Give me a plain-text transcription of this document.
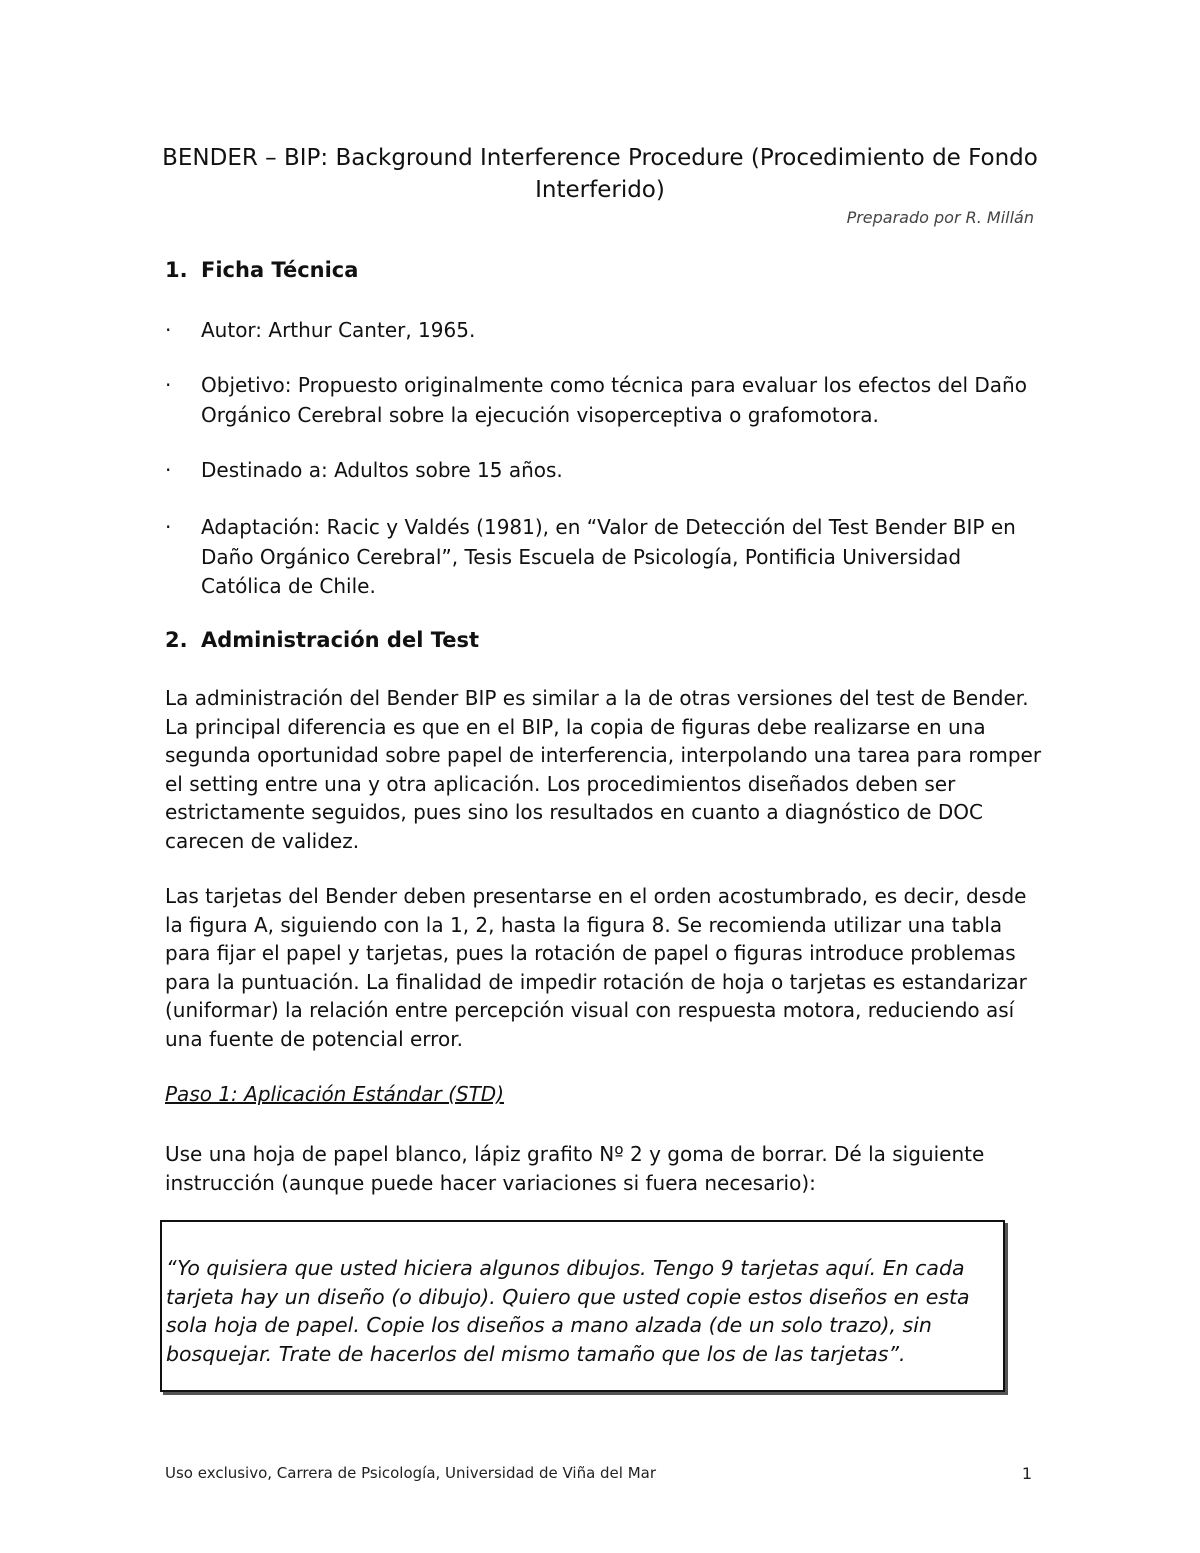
BENDER – BIP: Background Interference Procedure (Procedimiento de Fondo Interferido)
Preparado por R. Millán
1. Ficha Técnica
·	Autor: Arthur Canter, 1965.
·	Objetivo: Propuesto originalmente como técnica para evaluar los efectos del Daño Orgánico Cerebral sobre la ejecución visoperceptiva o grafomotora.
·	Destinado a: Adultos sobre 15 años.
·	Adaptación: Racic y Valdés (1981), en “Valor de Detección del Test Bender BIP en Daño Orgánico Cerebral”, Tesis Escuela de Psicología, Pontificia Universidad Católica de Chile.
2. Administración del Test

La administración del Bender BIP es similar a la de otras versiones del test de Bender. La principal diferencia es que en el BIP, la copia de figuras debe realizarse en una segunda oportunidad sobre papel de interferencia, interpolando una tarea para romper el setting entre una y otra aplicación. Los procedimientos diseñados deben ser estrictamente seguidos, pues sino los resultados en cuanto a diagnóstico de DOC carecen de validez.

Las tarjetas del Bender deben presentarse en el orden acostumbrado, es decir, desde la figura A, siguiendo con la 1, 2, hasta la figura 8. Se recomienda utilizar una tabla para fijar el papel y tarjetas, pues la rotación de papel o figuras introduce problemas para la puntuación. La finalidad de impedir rotación de hoja o tarjetas es estandarizar (uniformar) la relación entre percepción visual con respuesta motora, reduciendo así una fuente de potencial error.

Paso 1: Aplicación Estándar (STD)

Use una hoja de papel blanco, lápiz grafito Nº 2 y goma de borrar. Dé la siguiente instrucción (aunque puede hacer variaciones si fuera necesario):

“Yo quisiera que usted hiciera algunos dibujos. Tengo 9 tarjetas aquí. En cada tarjeta hay un diseño (o dibujo). Quiero que usted copie estos diseños en esta sola hoja de papel. Copie los diseños a mano alzada (de un solo trazo), sin bosquejar. Trate de hacerlos del mismo tamaño que los de las tarjetas”.

Uso exclusivo, Carrera de Psicología, Universidad de Viña del Mar	1
